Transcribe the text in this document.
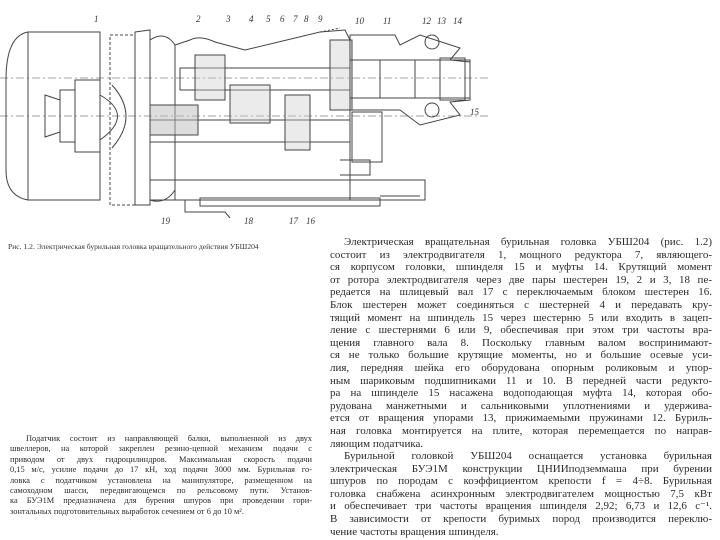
1	2	3 4 5 6 7 8 9	10 11	12 13 14
15
16
17
18
19
Рис. 1.2. Электрическая бурильная головка вращательного действия УБШ204	Электрическая вращательная бурильная головка УБШ204 (рис. 1.2)
состоит из электродвигателя 1, мощного редуктора 7, являющего-
ся корпусом головки, шпинделя 15 и муфты 14. Крутящий момент
от ротора электродвигателя через две пары шестерен 19, 2 и 3, 18 пе-
редается на шлицевый вал 17 с переключаемым блоком шестерен 16.
Блок шестерен может соединяться с шестерней 4 и передавать кру-
тящий момент на шпиндель 15 через шестерню 5 или входить в зацеп-
ление с шестернями 6 или 9, обеспечивая при этом три частоты вра-
щения главного вала 8. Поскольку главным валом воспринимают-
ся не только большие крутящие моменты, но и большие осевые уси-
лия, передняя шейка его оборудована опорным роликовым и упор-
ным шариковым подшипниками 11 и 10. В передней части редукто-
ра на шпинделе 15 насажена водоподающая муфта 14, которая обо-
рудована манжетными и сальниковыми уплотнениями и удержива-
ется от вращения упорами 13, прижимаемыми пружинами 12. Буриль-
ная головка монтируется на плите, которая перемещается по направ-
ляющим податчика.
Бурильной головкой УБШ204 оснащается установка бурильная
электрическая БУЭ1М конструкции ЦНИИподземмаша при бурении
шпуров по породам с коэффициентом крепости f = 4÷8. Бурильная
головка снабжена асинхронным электродвигателем мощностью 7,5 кВт
и обеспечивает три частоты вращения шпинделя 2,92; 6,73 и 12,6 с⁻¹.
В зависимости от крепости буримых пород производится переклю-
чение частоты вращения шпинделя.
Податчик состоит из направляющей балки, выполненной из двух
швеллеров, на которой закреплен резино-цепной механизм подачи с
приводом от двух гидроцилиндров. Максимальная скорость подачи
0,15 м/с, усилие подачи до 17 кН, ход подачи 3000 мм. Бурильная го-
ловка с податчиком установлена на манипуляторе, размещенном на
самоходном шасси, передвигающемся по рельсовому пути. Установ-
ка БУЭ1М предназначена для бурения шпуров при проведении гори-
зонтальных подготовительных выработок сечением от 6 до 10 м².
